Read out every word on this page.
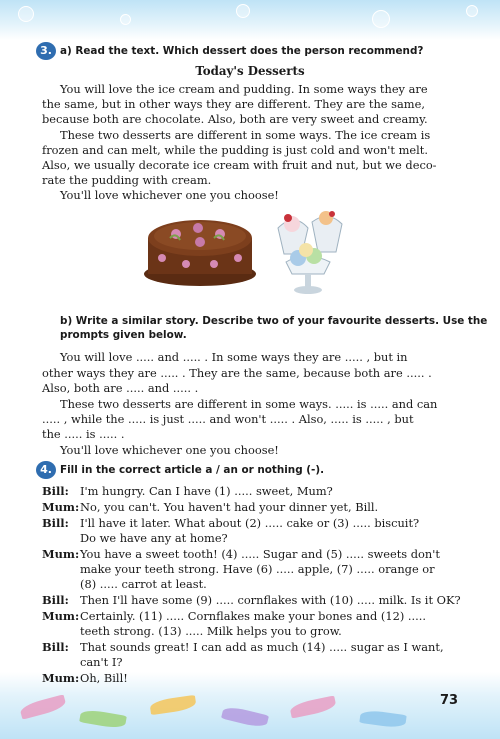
73
3. a) Read the text. Which dessert does the person recommend?
Today's Desserts
You will love the ice cream and pudding. In some ways they are
the same, but in other ways they are different. They are the same,
because both are chocolate. Also, both are very sweet and creamy.
These two desserts are different in some ways. The ice cream is
frozen and can melt, while the pudding is just cold and won't melt.
Also, we usually decorate ice cream with fruit and nut, but we deco-
rate the pudding with cream.
You'll love whichever one you choose!
b) Write a similar story. Describe two of your favourite desserts. Use the
prompts given below.
You will love ..... and ..... . In some ways they are ..... , but in
other ways they are ..... . They are the same, because both are ..... .
Also, both are ..... and ..... .
These two desserts are different in some ways. ..... is ..... and can
..... , while the ..... is just ..... and won't ..... . Also, ..... is ..... , but
the ..... is ..... .
You'll love whichever one you choose!
4. Fill in the correct article a / an or nothing (-).
Bill: I'm hungry. Can I have (1) ..... sweet, Mum?
Mum: No, you can't. You haven't had your dinner yet, Bill.
Bill: I'll have it later. What about (2) ..... cake or (3) ..... biscuit?
Do we have any at home?
Mum: You have a sweet tooth! (4) ..... Sugar and (5) ..... sweets don't
make your teeth strong. Have (6) ..... apple, (7) ..... orange or
(8) ..... carrot at least.
Bill: Then I'll have some (9) ..... cornflakes with (10) ..... milk. Is it OK?
Mum: Certainly. (11) ..... Cornflakes make your bones and (12) .....
teeth strong. (13) ..... Milk helps you to grow.
Bill: That sounds great! I can add as much (14) ..... sugar as I want,
can't I?
Mum: Oh, Bill!
